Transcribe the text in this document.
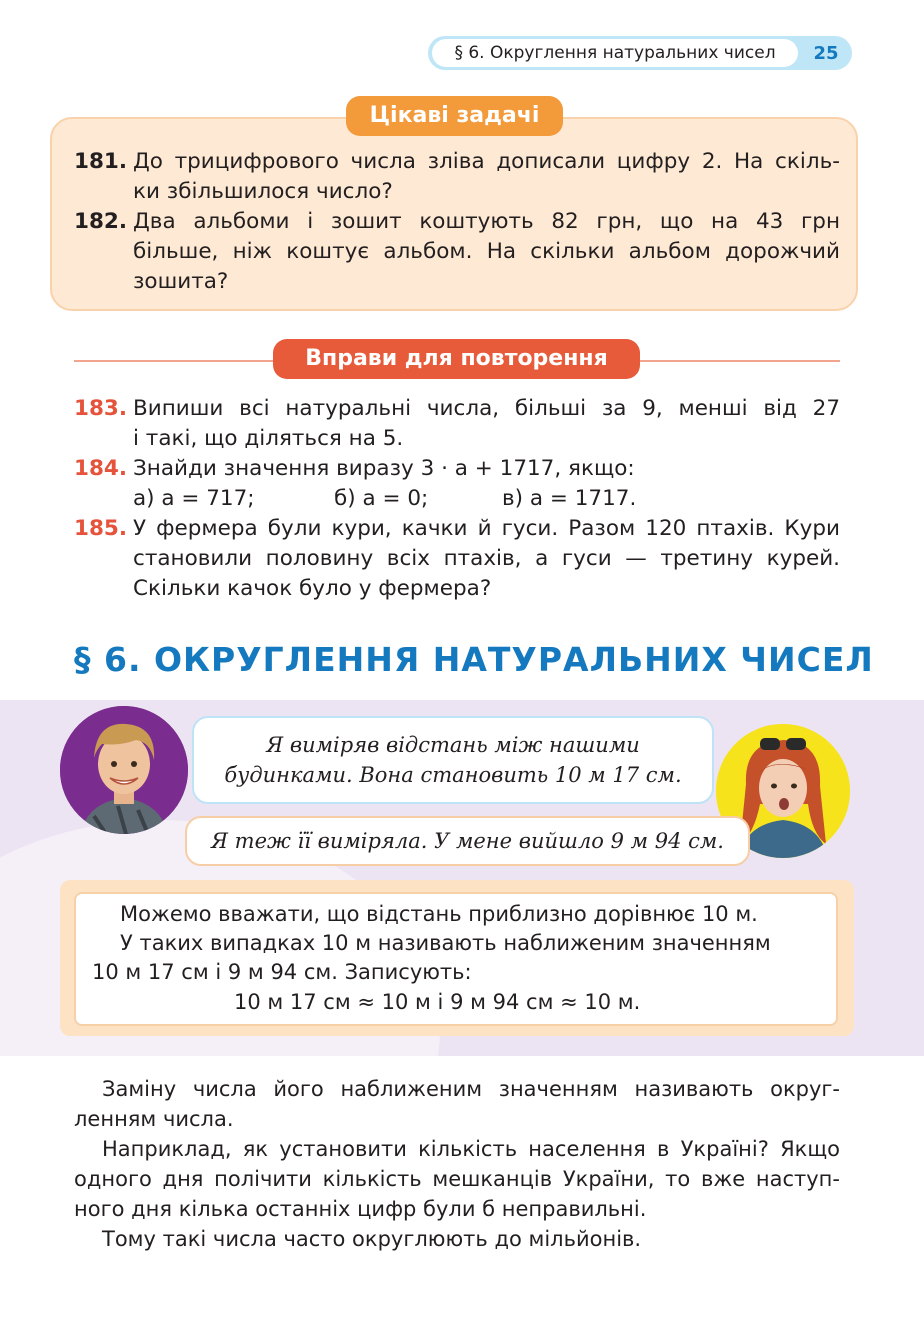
§ 6. Округлення натуральних чисел	25
Цікаві задачі
181. До трицифрового числа зліва дописали цифру 2. На скіль-
ки збільшилося число?
182. Два альбоми і зошит коштують 82 грн, що на 43 грн
більше, ніж коштує альбом. На скільки альбом дорожчий
зошита?
Вправи для повторення
183. Випиши всі натуральні числа, більші за 9, менші від 27
і такі, що діляться на 5.
184. Знайди значення виразу 3 · a + 1717, якщо:
а) a = 717;	б) a = 0;	в) a = 1717.
185. У фермера були кури, качки й гуси. Разом 120 птахів. Кури
становили половину всіх птахів, а гуси — третину курей.
Скільки качок було у фермера?
§ 6. ОКРУГЛЕННЯ НАТУРАЛЬНИХ ЧИСЕЛ
Я виміряв відстань між нашими
будинками. Вона становить 10 м 17 см.
Я теж її виміряла. У мене вийшло 9 м 94 см.
Можемо вважати, що відстань приблизно дорівнює 10 м.
У таких випадках 10 м називають наближеним значенням
10 м 17 см і 9 м 94 см. Записують:
10 м 17 см ≈ 10 м і 9 м 94 см ≈ 10 м.
Заміну числа його наближеним значенням називають округ-
ленням числа.
Наприклад, як установити кількість населення в Україні? Якщо
одного дня полічити кількість мешканців України, то вже наступ-
ного дня кілька останніх цифр були б неправильні.
Тому такі числа часто округлюють до мільйонів.
